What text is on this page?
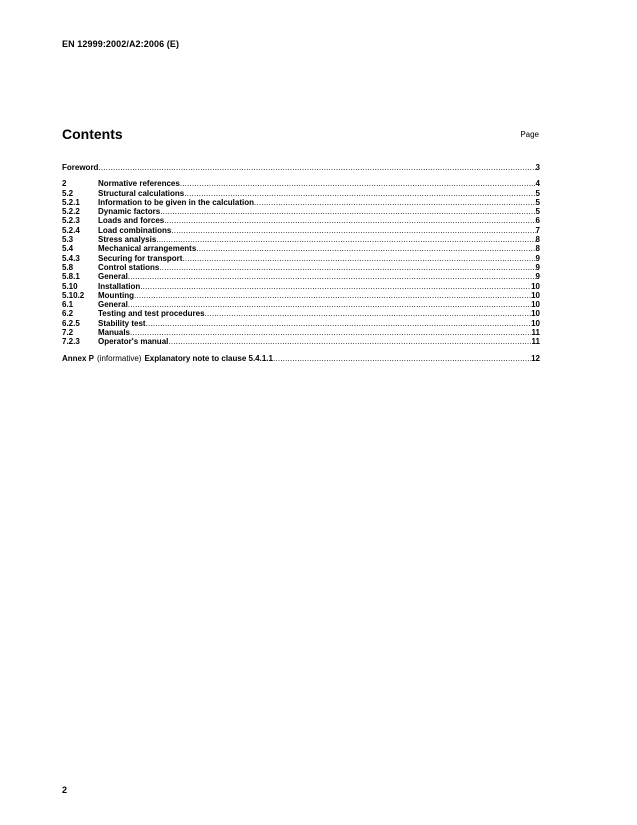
EN 12999:2002/A2:2006 (E)
Contents	Page
Foreword .....	3
2	Normative references .....	4
5.2	Structural calculations .....	5
5.2.1	Information to be given in the calculation .....	5
5.2.2	Dynamic factors .....	5
5.2.3	Loads and forces .....	6
5.2.4	Load combinations .....	7
5.3	Stress analysis .....	8
5.4	Mechanical arrangements .....	8
5.4.3	Securing for transport .....	9
5.8	Control stations .....	9
5.8.1	General .....	9
5.10	Installation .....	10
5.10.2	Mounting .....	10
6.1	General .....	10
6.2	Testing and test procedures .....	10
6.2.5	Stability test .....	10
7.2	Manuals .....	11
7.2.3	Operator's manual .....	11
Annex P (informative) Explanatory note to clause 5.4.1.1 .....	12
2
